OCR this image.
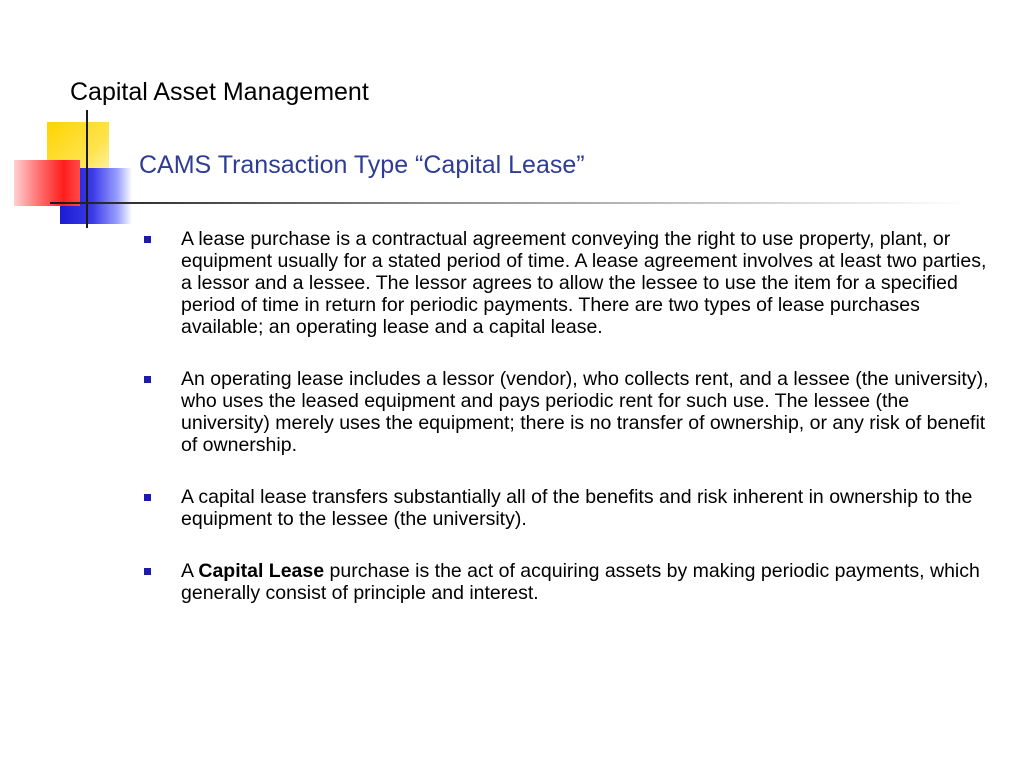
Capital Asset Management
CAMS Transaction Type “Capital Lease”
A lease purchase is a contractual agreement conveying the right to use property, plant, or equipment usually for a stated period of time. A lease agreement involves at least two parties, a lessor and a lessee. The lessor agrees to allow the lessee to use the item for a specified period of time in return for periodic payments. There are two types of lease purchases available; an operating lease and a capital lease.
An operating lease includes a lessor (vendor), who collects rent, and a lessee (the university), who uses the leased equipment and pays periodic rent for such use. The lessee (the university) merely uses the equipment; there is no transfer of ownership, or any risk of benefit of ownership.
A capital lease transfers substantially all of the benefits and risk inherent in ownership to the equipment to the lessee (the university).
A Capital Lease purchase is the act of acquiring assets by making periodic payments, which generally consist of principle and interest.
